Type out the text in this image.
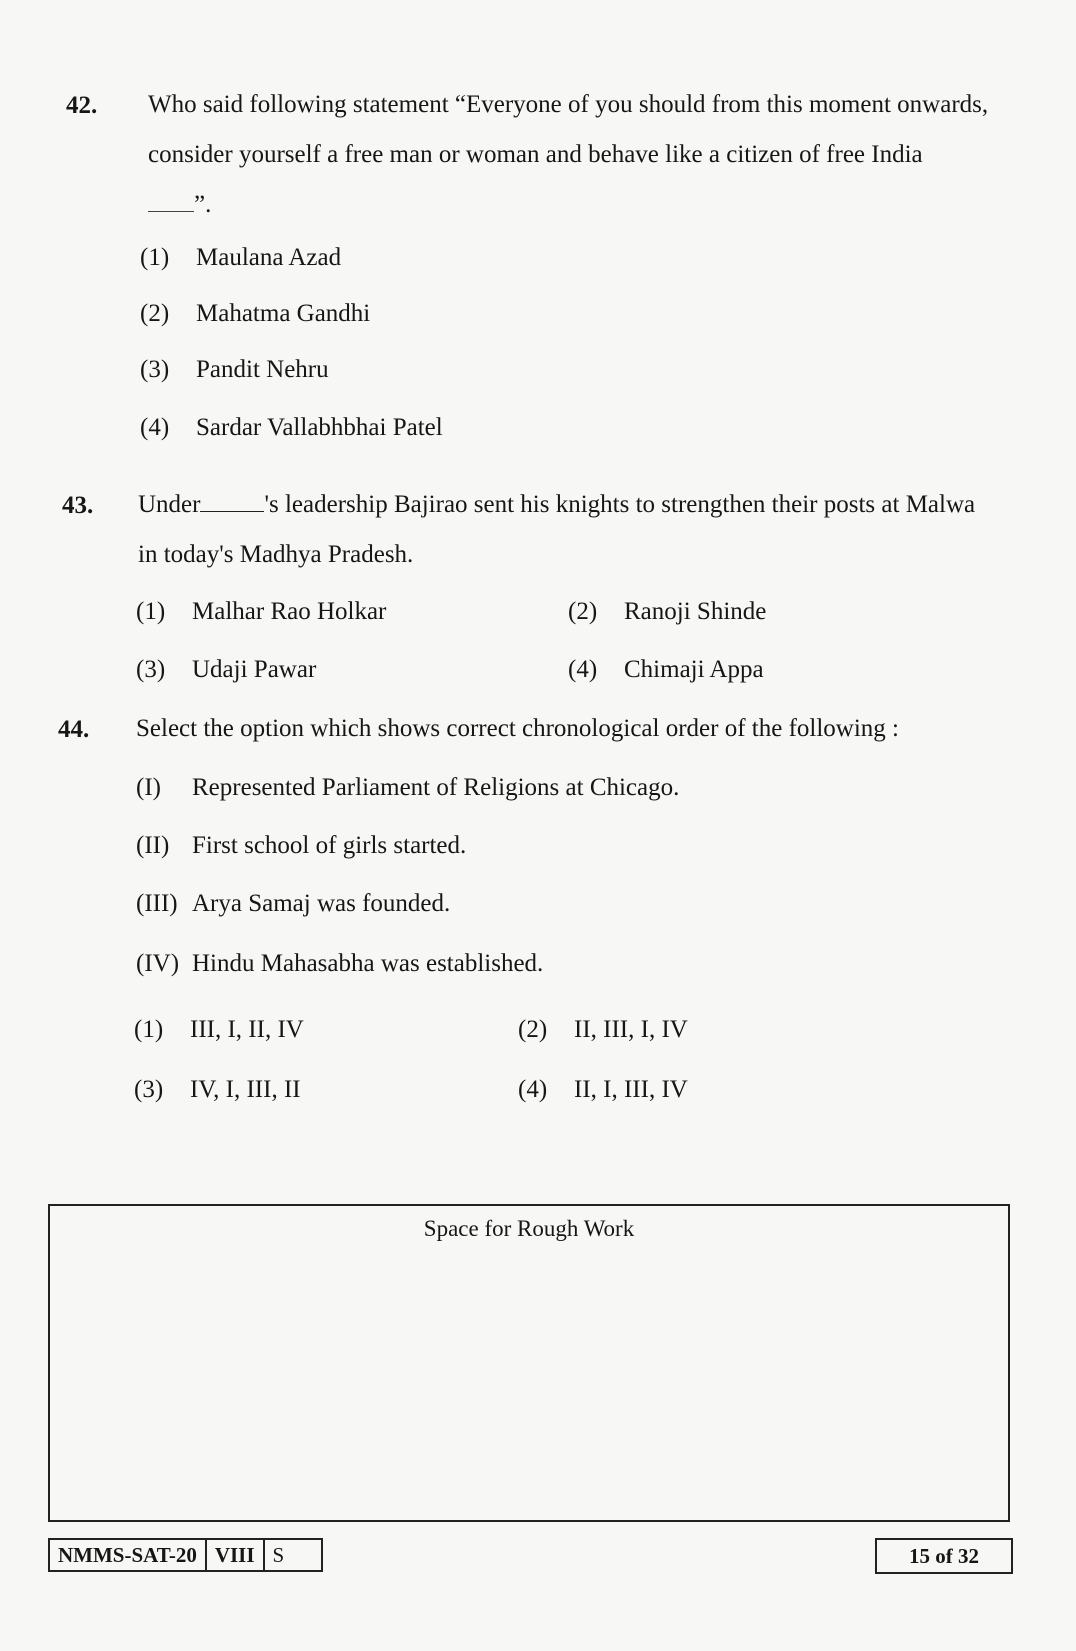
42. Who said following statement “Everyone of you should from this moment onwards,
consider yourself a free man or woman and behave like a citizen of free India
”.
(1) Maulana Azad
(2) Mahatma Gandhi
(3) Pandit Nehru
(4) Sardar Vallabhbhai Patel
43. Under	's leadership Bajirao sent his knights to strengthen their posts at Malwa
in today's Madhya Pradesh.
(1) Malhar Rao Holkar	(2) Ranoji Shinde
(3) Udaji Pawar	(4) Chimaji Appa
44. Select the option which shows correct chronological order of the following :
(I) Represented Parliament of Religions at Chicago.
(II) First school of girls started.
(III) Arya Samaj was founded.
(IV) Hindu Mahasabha was established.
(1) III, I, II, IV	(2) II, III, I, IV
(3) IV, I, III, II	(4) II, I, III, IV
Space for Rough Work
NMMS-SAT-20 VIII S	15 of 32
